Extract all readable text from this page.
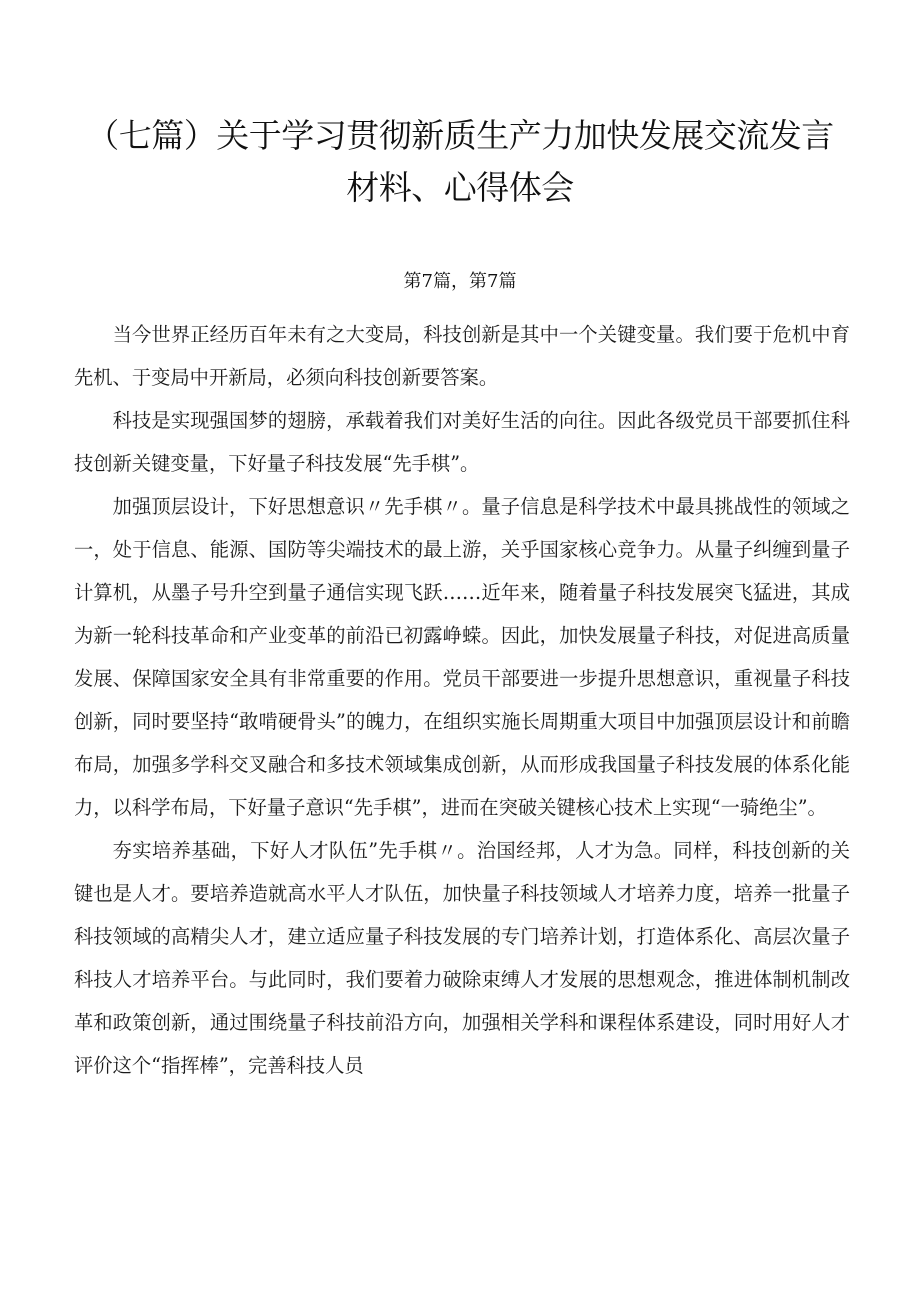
（七篇）关于学习贯彻新质生产力加快发展交流发言
材料、心得体会
第7篇，第7篇

当今世界正经历百年未有之大变局，科技创新是其中一个关键变量。我们要于危机中育先机、于变局中开新局，必须向科技创新要答案。

科技是实现强国梦的翅膀，承载着我们对美好生活的向往。因此各级党员干部要抓住科技创新关键变量，下好量子科技发展“先手棋”。

加强顶层设计，下好思想意识〃先手棋〃。量子信息是科学技术中最具挑战性的领域之一，处于信息、能源、国防等尖端技术的最上游，关乎国家核心竞争力。从量子纠缠到量子计算机，从墨子号升空到量子通信实现飞跃……近年来，随着量子科技发展突飞猛进，其成为新一轮科技革命和产业变革的前沿已初露峥蝾。因此，加快发展量子科技，对促进高质量发展、保障国家安全具有非常重要的作用。党员干部要进一步提升思想意识，重视量子科技创新，同时要坚持“敢啃硬骨头”的魄力，在组织实施长周期重大项目中加强顶层设计和前瞻布局，加强多学科交叉融合和多技术领域集成创新，从而形成我国量子科技发展的体系化能力，以科学布局，下好量子意识“先手棋”，进而在突破关键核心技术上实现“一骑绝尘”。

夯实培养基础，下好人才队伍”先手棋〃。治国经邦，人才为急。同样，科技创新的关键也是人才。要培养造就高水平人才队伍，加快量子科技领域人才培养力度，培养一批量子科技领域的高精尖人才，建立适应量子科技发展的专门培养计划，打造体系化、高层次量子科技人才培养平台。与此同时，我们要着力破除束缚人才发展的思想观念，推进体制机制改革和政策创新，通过围绕量子科技前沿方向，加强相关学科和课程体系建设，同时用好人才评价这个“指挥棒”，完善科技人员
